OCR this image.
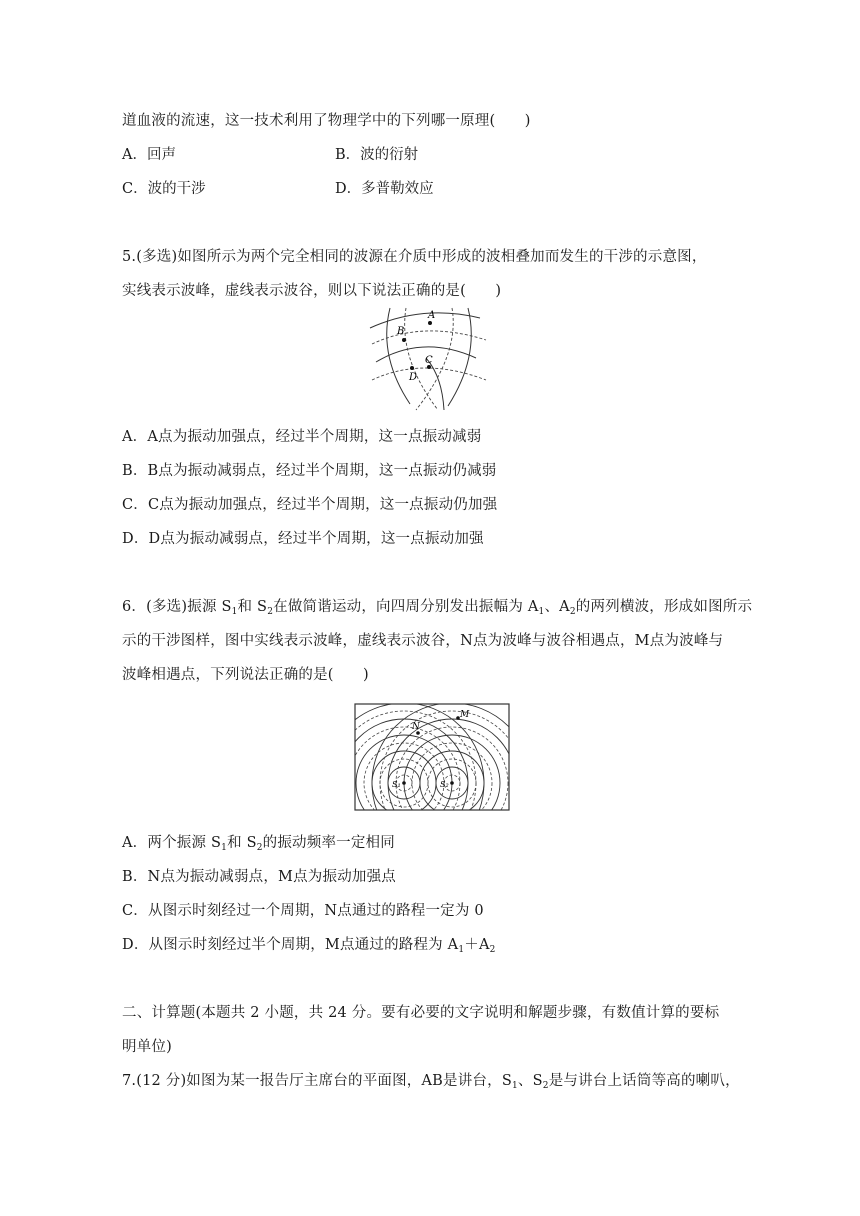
道血液的流速，这一技术利用了物理学中的下列哪一原理(　　)
A．回声	B．波的衍射
C．波的干涉	D．多普勒效应
5.(多选)如图所示为两个完全相同的波源在介质中形成的波相叠加而发生的干涉的示意图，
实线表示波峰，虚线表示波谷，则以下说法正确的是(　　)
A
B
C
D
A．A点为振动加强点，经过半个周期，这一点振动减弱
B．B点为振动减弱点，经过半个周期，这一点振动仍减弱
C．C点为振动加强点，经过半个周期，这一点振动仍加强
D．D点为振动减弱点，经过半个周期，这一点振动加强
6．(多选)振源 $S_1$和 $S_2$在做简谐运动，向四周分别发出振幅为 $A_1$、$A_2$的两列横波，形成如图所示
示的干涉图样，图中实线表示波峰，虚线表示波谷，N点为波峰与波谷相遇点，M点为波峰与
波峰相遇点，下列说法正确的是(　　)
M
N
S₁	S₂
A．两个振源 $S_1$和 $S_2$的振动频率一定相同
B．N点为振动减弱点，M点为振动加强点
C．从图示时刻经过一个周期，N点通过的路程一定为 0
D．从图示时刻经过半个周期，M点通过的路程为 $A_1+A_2$
二、计算题(本题共 2 小题，共 24 分。要有必要的文字说明和解题步骤，有数值计算的要标
明单位)
7.(12 分)如图为某一报告厅主席台的平面图，AB是讲台，$S_1$、$S_2$是与讲台上话筒等高的喇叭，
